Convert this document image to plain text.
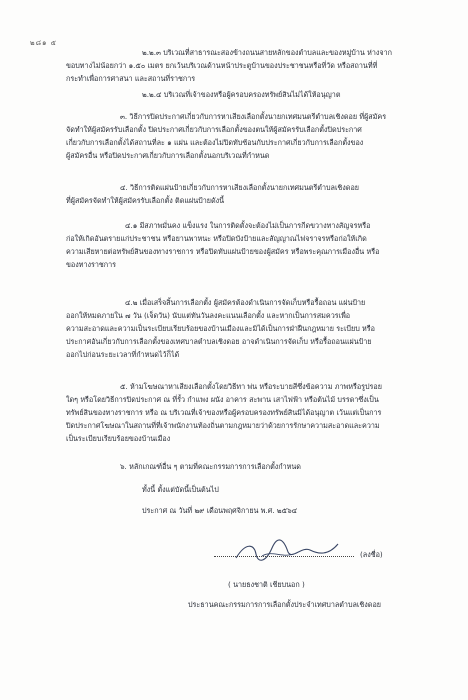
๒๘๑ ๕
๒.๒.๓ บริเวณที่สาธารณะสองข้างถนนสายหลักของตำบลและของหมู่บ้าน ห่างจาก
ขอบทางไม่น้อยกว่า ๑.๕๐ เมตร ยกเว้นบริเวณด้านหน้าประตูบ้านของประชาชนหรือที่วัด หรือสถานที่ที่
กระทำเพื่อการศาสนา และสถานที่ราชการ
๒.๒.๔ บริเวณที่เจ้าของหรือผู้ครอบครองทรัพย์สินไม่ได้ให้อนุญาต
๓. วิธีการปิดประกาศเกี่ยวกับการหาเสียงเลือกตั้งนายกเทศมนตรีตำบลเชิงดอย ที่ผู้สมัคร
จัดทำให้ผู้สมัครรับเลือกตั้ง ปิดประกาศเกี่ยวกับการเลือกตั้งของตนให้ผู้สมัครรับเลือกตั้งปิดประกาศ
เกี่ยวกับการเลือกตั้งได้สถานที่ละ ๑ แผ่น และต้องไม่ปิดทับซ้อนกับประกาศเกี่ยวกับการเลือกตั้งของ
ผู้สมัครอื่น หรือปิดประกาศเกี่ยวกับการเลือกตั้งนอกบริเวณที่กำหนด
๔. วิธีการติดแผ่นป้ายเกี่ยวกับการหาเสียงเลือกตั้งนายกเทศมนตรีตำบลเชิงดอย
ที่ผู้สมัครจัดทำให้ผู้สมัครรับเลือกตั้ง ติดแผ่นป้ายดังนี้
๔.๑ มีสภาพมั่นคง แข็งแรง ในการติดตั้งจะต้องไม่เป็นการกีดขวางทางสัญจรหรือ
ก่อให้เกิดอันตรายแก่ประชาชน หรือยานพาหนะ หรือปิดบังป้ายและสัญญาณไฟจราจรหรือก่อให้เกิด
ความเสียหายต่อทรัพย์สินของทางราชการ หรือปิดทับแผ่นป้ายของผู้สมัคร หรือพระคุณการเมืองอื่น หรือ
ของทางราชการ
๔.๒ เมื่อเสร็จสิ้นการเลือกตั้ง ผู้สมัครต้องดำเนินการจัดเก็บหรือรื้อถอน แผ่นป้าย
ออกให้หมดภายใน ๗ วัน (เจ็ดวัน) นับแต่ทันวันลงคะแนนเลือกตั้ง และหากเป็นการสมควรเพื่อ
ความสะอาดและความเป็นระเบียบเรียบร้อยของบ้านเมืองและมิได้เป็นการฝ่าฝืนกฎหมาย ระเบียบ หรือ
ประกาศอันเกี่ยวกับการเลือกตั้งของเทศบาลตำบลเชิงดอย อาจดำเนินการจัดเก็บ หรือรื้อถอนแผ่นป้าย
ออกไปก่อนระยะเวลาที่กำหนดไว้ก็ได้
๕. ห้ามโฆษณาหาเสียงเลือกตั้งโดยวิธีทา พ่น หรือระบายสีซึ่งข้อความ ภาพหรือรูปรอย
ใดๆ หรือโดยวิธีการปิดประกาศ ณ ที่รั้ว กำแพง ผนัง อาคาร สะพาน เสาไฟฟ้า หรือต้นไม้ บรรดาซึ่งเป็น
ทรัพย์สินของทางราชการ หรือ ณ บริเวณที่เจ้าของหรือผู้ครอบครองทรัพย์สินมิได้อนุญาต เว้นแต่เป็นการ
ปิดประกาศโฆษณาในสถานที่ที่เจ้าพนักงานท้องถิ่นตามกฎหมายว่าด้วยการรักษาความสะอาดและความ
เป็นระเบียบเรียบร้อยของบ้านเมือง
๖. หลักเกณฑ์อื่น ๆ ตามที่คณะกรรมการการเลือกตั้งกำหนด
ทั้งนี้ ตั้งแต่บัดนี้เป็นต้นไป
ประกาศ ณ วันที่ ๒๙ เดือนพฤศจิกายน พ.ศ. ๒๕๖๔
(ลงชื่อ)
( นายธงชาติ เชียบนอก )
ประธานคณะกรรมการการเลือกตั้งประจำเทศบาลตำบลเชิงดอย
